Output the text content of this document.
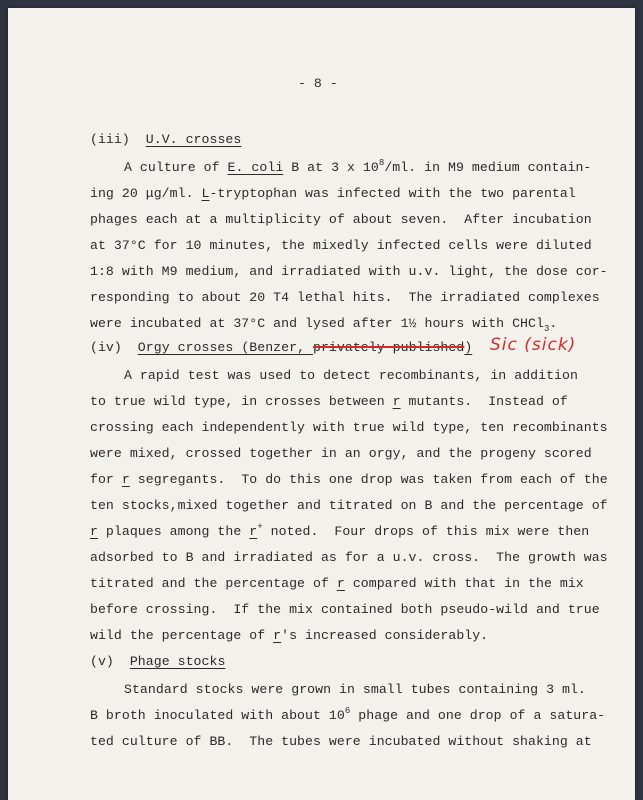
- 8 -
(iii) U.V. crosses
A culture of E. coli B at 3 x $10^8/ml$. in M9 medium contain-
ing 20 μg/ml. L-tryptophan was infected with the two parental
phages each at a multiplicity of about seven.  After incubation
at 37°C for 10 minutes, the mixedly infected cells were diluted
1:8 with M9 medium, and irradiated with u.v. light, the dose cor-
responding to about 20 T4 lethal hits.  The irradiated complexes
were incubated at 37°C and lysed after 1½ hours with CHCl$_3$.
(iv) Orgy crosses (Benzer, privately published) Sic (sick)
A rapid test was used to detect recombinants, in addition
to true wild type, in crosses between r mutants.  Instead of
crossing each independently with true wild type, ten recombinants
were mixed, crossed together in an orgy, and the progeny scored
for r segregants.  To do this one drop was taken from each of the
ten stocks,mixed together and titrated on B and the percentage of
r plaques among the r+ noted.  Four drops of this mix were then
adsorbed to B and irradiated as for a u.v. cross.  The growth was
titrated and the percentage of r compared with that in the mix
before crossing.  If the mix contained both pseudo-wild and true
wild the percentage of r's increased considerably.
(v) Phage stocks
Standard stocks were grown in small tubes containing 3 ml.
B broth inoculated with about $10^6$ phage and one drop of a satura-
ted culture of BB.  The tubes were incubated without shaking at
